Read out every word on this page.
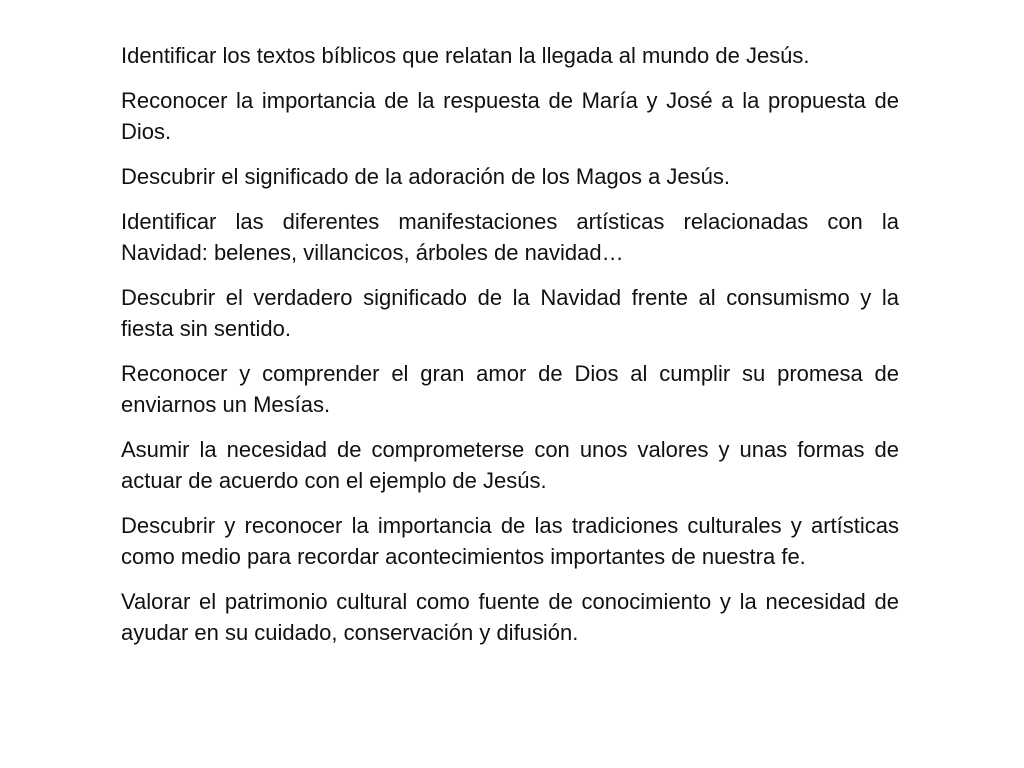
Identificar los textos bíblicos que relatan la llegada al mundo de Jesús.

Reconocer la importancia de la respuesta de María y José a la propuesta de Dios.

Descubrir el significado de la adoración de los Magos a Jesús.

Identificar las diferentes manifestaciones artísticas relacionadas con la Navidad: belenes, villancicos, árboles de navidad…

Descubrir el verdadero significado de la Navidad frente al consumismo y la fiesta sin sentido.

Reconocer y comprender el gran amor de Dios al cumplir su promesa de enviarnos un Mesías.

Asumir la necesidad de comprometerse con unos valores y unas formas de actuar de acuerdo con el ejemplo de Jesús.

Descubrir y reconocer la importancia de las tradiciones culturales y artísticas como medio para recordar acontecimientos importantes de nuestra fe.

Valorar el patrimonio cultural como fuente de conocimiento y la necesidad de ayudar en su cuidado, conservación y difusión.
